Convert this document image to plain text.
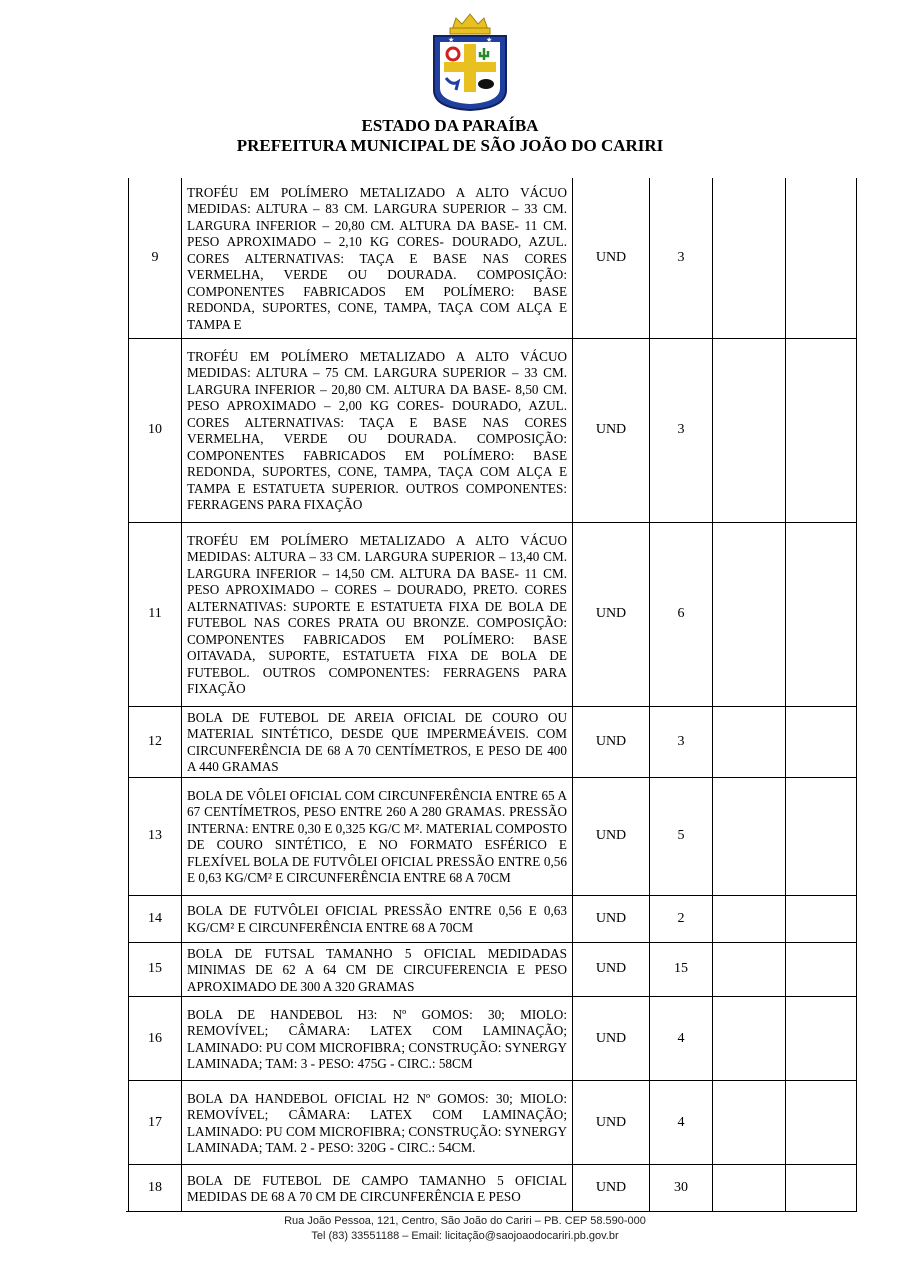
★	★
ESTADO DA PARAÍBA
PREFEITURA MUNICIPAL DE SÃO JOÃO DO CARIRI
9	TROFÉU EM POLÍMERO METALIZADO A ALTO VÁCUO MEDIDAS: ALTURA – 83 CM. LARGURA SUPERIOR – 33 CM. LARGURA INFERIOR – 20,80 CM. ALTURA DA BASE- 11 CM. PESO APROXIMADO – 2,10 KG CORES- DOURADO, AZUL. CORES ALTERNATIVAS: TAÇA E BASE NAS CORES VERMELHA, VERDE OU DOURADA. COMPOSIÇÃO: COMPONENTES FABRICADOS EM POLÍMERO: BASE REDONDA, SUPORTES, CONE, TAMPA, TAÇA COM ALÇA E TAMPA E	UND	3		
10	TROFÉU EM POLÍMERO METALIZADO A ALTO VÁCUO MEDIDAS: ALTURA – 75 CM. LARGURA SUPERIOR – 33 CM. LARGURA INFERIOR – 20,80 CM. ALTURA DA BASE- 8,50 CM. PESO APROXIMADO – 2,00 KG CORES- DOURADO, AZUL. CORES ALTERNATIVAS: TAÇA E BASE NAS CORES VERMELHA, VERDE OU DOURADA. COMPOSIÇÃO: COMPONENTES FABRICADOS EM POLÍMERO: BASE REDONDA, SUPORTES, CONE, TAMPA, TAÇA COM ALÇA E TAMPA E ESTATUETA SUPERIOR. OUTROS COMPONENTES: FERRAGENS PARA FIXAÇÃO	UND	3		
11	TROFÉU EM POLÍMERO METALIZADO A ALTO VÁCUO MEDIDAS: ALTURA – 33 CM. LARGURA SUPERIOR – 13,40 CM. LARGURA INFERIOR – 14,50 CM. ALTURA DA BASE- 11 CM. PESO APROXIMADO – CORES – DOURADO, PRETO. CORES ALTERNATIVAS: SUPORTE E ESTATUETA FIXA DE BOLA DE FUTEBOL NAS CORES PRATA OU BRONZE. COMPOSIÇÃO: COMPONENTES FABRICADOS EM POLÍMERO: BASE OITAVADA, SUPORTE, ESTATUETA FIXA DE BOLA DE FUTEBOL. OUTROS COMPONENTES: FERRAGENS PARA FIXAÇÃO	UND	6		
12	BOLA DE FUTEBOL DE AREIA OFICIAL DE COURO OU MATERIAL SINTÉTICO, DESDE QUE IMPERMEÁVEIS. COM CIRCUNFERÊNCIA DE 68 A 70 CENTÍMETROS, E PESO DE 400 A 440 GRAMAS	UND	3		
13	BOLA DE VÔLEI OFICIAL COM CIRCUNFERÊNCIA ENTRE 65 A 67 CENTÍMETROS, PESO ENTRE 260 A 280 GRAMAS. PRESSÃO INTERNA: ENTRE 0,30 E 0,325 KG/C M². MATERIAL COMPOSTO DE COURO SINTÉTICO, E NO FORMATO ESFÉRICO E FLEXÍVEL BOLA DE FUTVÔLEI OFICIAL PRESSÃO ENTRE 0,56 E 0,63 KG/CM² E CIRCUNFERÊNCIA ENTRE 68 A 70CM	UND	5		
14	BOLA DE FUTVÔLEI OFICIAL PRESSÃO ENTRE 0,56 E 0,63 KG/CM² E CIRCUNFERÊNCIA ENTRE 68 A 70CM	UND	2		
15	BOLA DE FUTSAL TAMANHO 5 OFICIAL MEDIDADAS MINIMAS DE 62 A 64 CM DE CIRCUFERENCIA E PESO APROXIMADO DE 300 A 320 GRAMAS	UND	15		
16	BOLA DE HANDEBOL H3: Nº GOMOS: 30; MIOLO: REMOVÍVEL; CÂMARA: LATEX COM LAMINAÇÃO; LAMINADO: PU COM MICROFIBRA; CONSTRUÇÃO: SYNERGY LAMINADA; TAM: 3 - PESO: 475G - CIRC.: 58CM	UND	4		
17	BOLA DA HANDEBOL OFICIAL H2 Nº GOMOS: 30; MIOLO: REMOVÍVEL; CÂMARA: LATEX COM LAMINAÇÃO; LAMINADO: PU COM MICROFIBRA; CONSTRUÇÃO: SYNERGY LAMINADA; TAM. 2 - PESO: 320G - CIRC.: 54CM.	UND	4		
18	BOLA DE FUTEBOL DE CAMPO TAMANHO 5 OFICIAL MEDIDAS DE 68 A 70 CM DE CIRCUNFERÊNCIA E PESO	UND	30		
Rua João Pessoa, 121, Centro, São João do Cariri – PB. CEP 58.590-000
Tel (83) 33551188 – Email: licitação@saojoaodocariri.pb.gov.br
